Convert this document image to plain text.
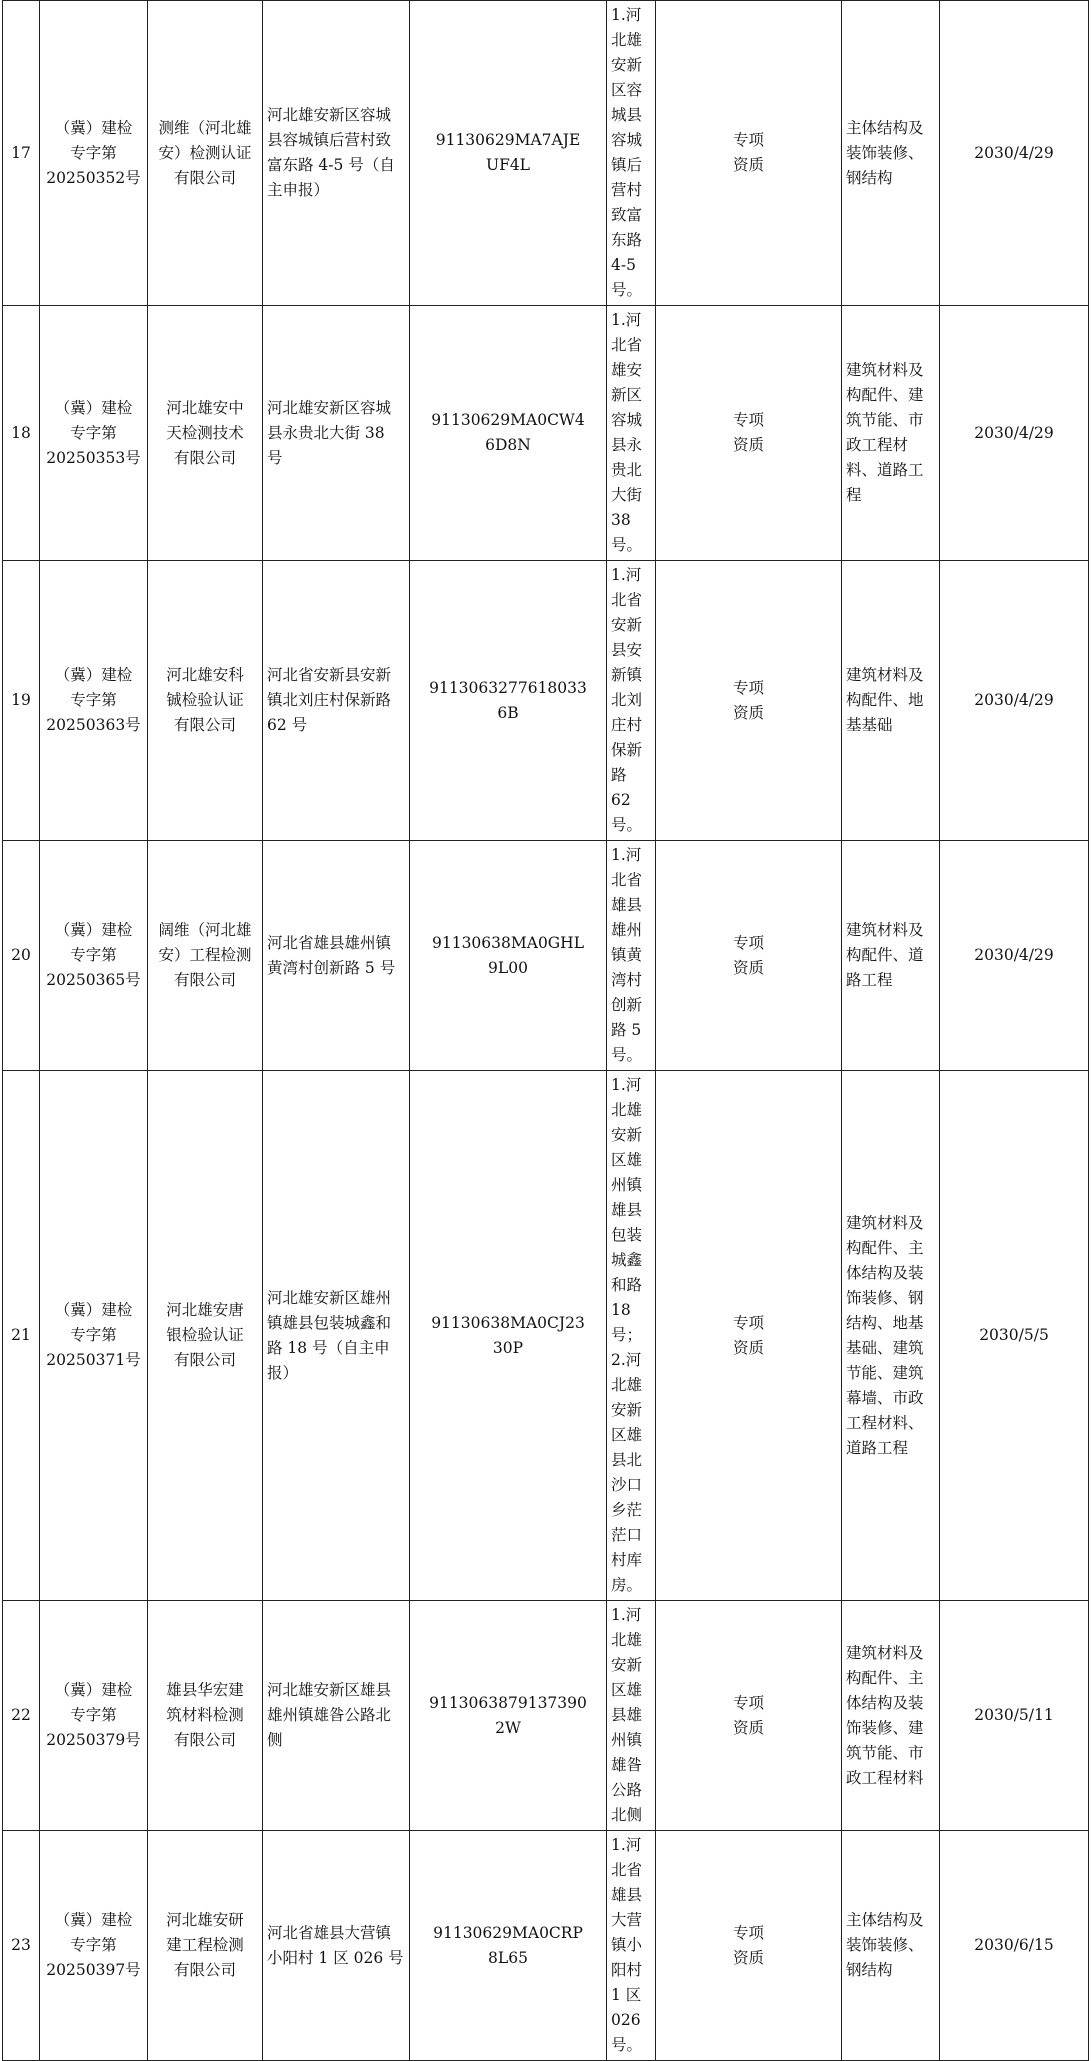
17	（冀）建检
专字第
20250352号	测维（河北雄
安）检测认证
有限公司	河北雄安新区容城
县容城镇后营村致
富东路 4-5 号（自
主申报）	91130629MA7AJE
UF4L	1.河北雄安新区容城县
容城镇后营村致富东路
4-5 号。	专项
资质	主体结构及装饰装修、
钢结构	2030/4/29

18	（冀）建检
专字第
20250353号	河北雄安中
天检测技术
有限公司	河北雄安新区容城
县永贵北大街 38
号	91130629MA0CW4
6D8N	1.河北省雄安新区容城
县永贵北大街 38 号。	专项
资质	建筑材料及构配件、建
筑节能、市政工程材
料、道路工程	2030/4/29

19	（冀）建检
专字第
20250363号	河北雄安科
铖检验认证
有限公司	河北省安新县安新
镇北刘庄村保新路
62 号	9113063277618033
6B	1.河北省安新县安新镇
北刘庄村保新路 62 号。	专项
资质	建筑材料及构配件、地
基基础	2030/4/29

20	（冀）建检
专字第
20250365号	阔维（河北雄
安）工程检测
有限公司	河北省雄县雄州镇
黄湾村创新路 5 号	91130638MA0GHL
9L00	1.河北省雄县雄州镇黄
湾村创新路 5 号。	专项
资质	建筑材料及构配件、道
路工程	2030/4/29

21	（冀）建检
专字第
20250371号	河北雄安唐
银检验认证
有限公司	河北雄安新区雄州
镇雄县包装城鑫和
路 18 号（自主申
报）	91130638MA0CJ23
30P	1.河北雄安新区雄州镇
雄县包装城鑫和路 18
号；
2.河北雄安新区雄县北
沙口乡茫茫口村库房。	专项
资质	建筑材料及构配件、主
体结构及装饰装修、钢
结构、地基基础、建筑
节能、建筑幕墙、市政
工程材料、道路工程	2030/5/5

22	（冀）建检
专字第
20250379号	雄县华宏建
筑材料检测
有限公司	河北雄安新区雄县
雄州镇雄昝公路北
侧	9113063879137390
2W	1.河北雄安新区雄县雄
州镇雄昝公路北侧	专项
资质	建筑材料及构配件、主
体结构及装饰装修、建
筑节能、市政工程材料	2030/5/11

23	（冀）建检
专字第
20250397号	河北雄安研
建工程检测
有限公司	河北省雄县大营镇
小阳村 1 区 026 号	91130629MA0CRP
8L65	1.河北省雄县大营镇小
阳村 1 区 026 号。	专项
资质	主体结构及装饰装修、
钢结构	2030/6/15
